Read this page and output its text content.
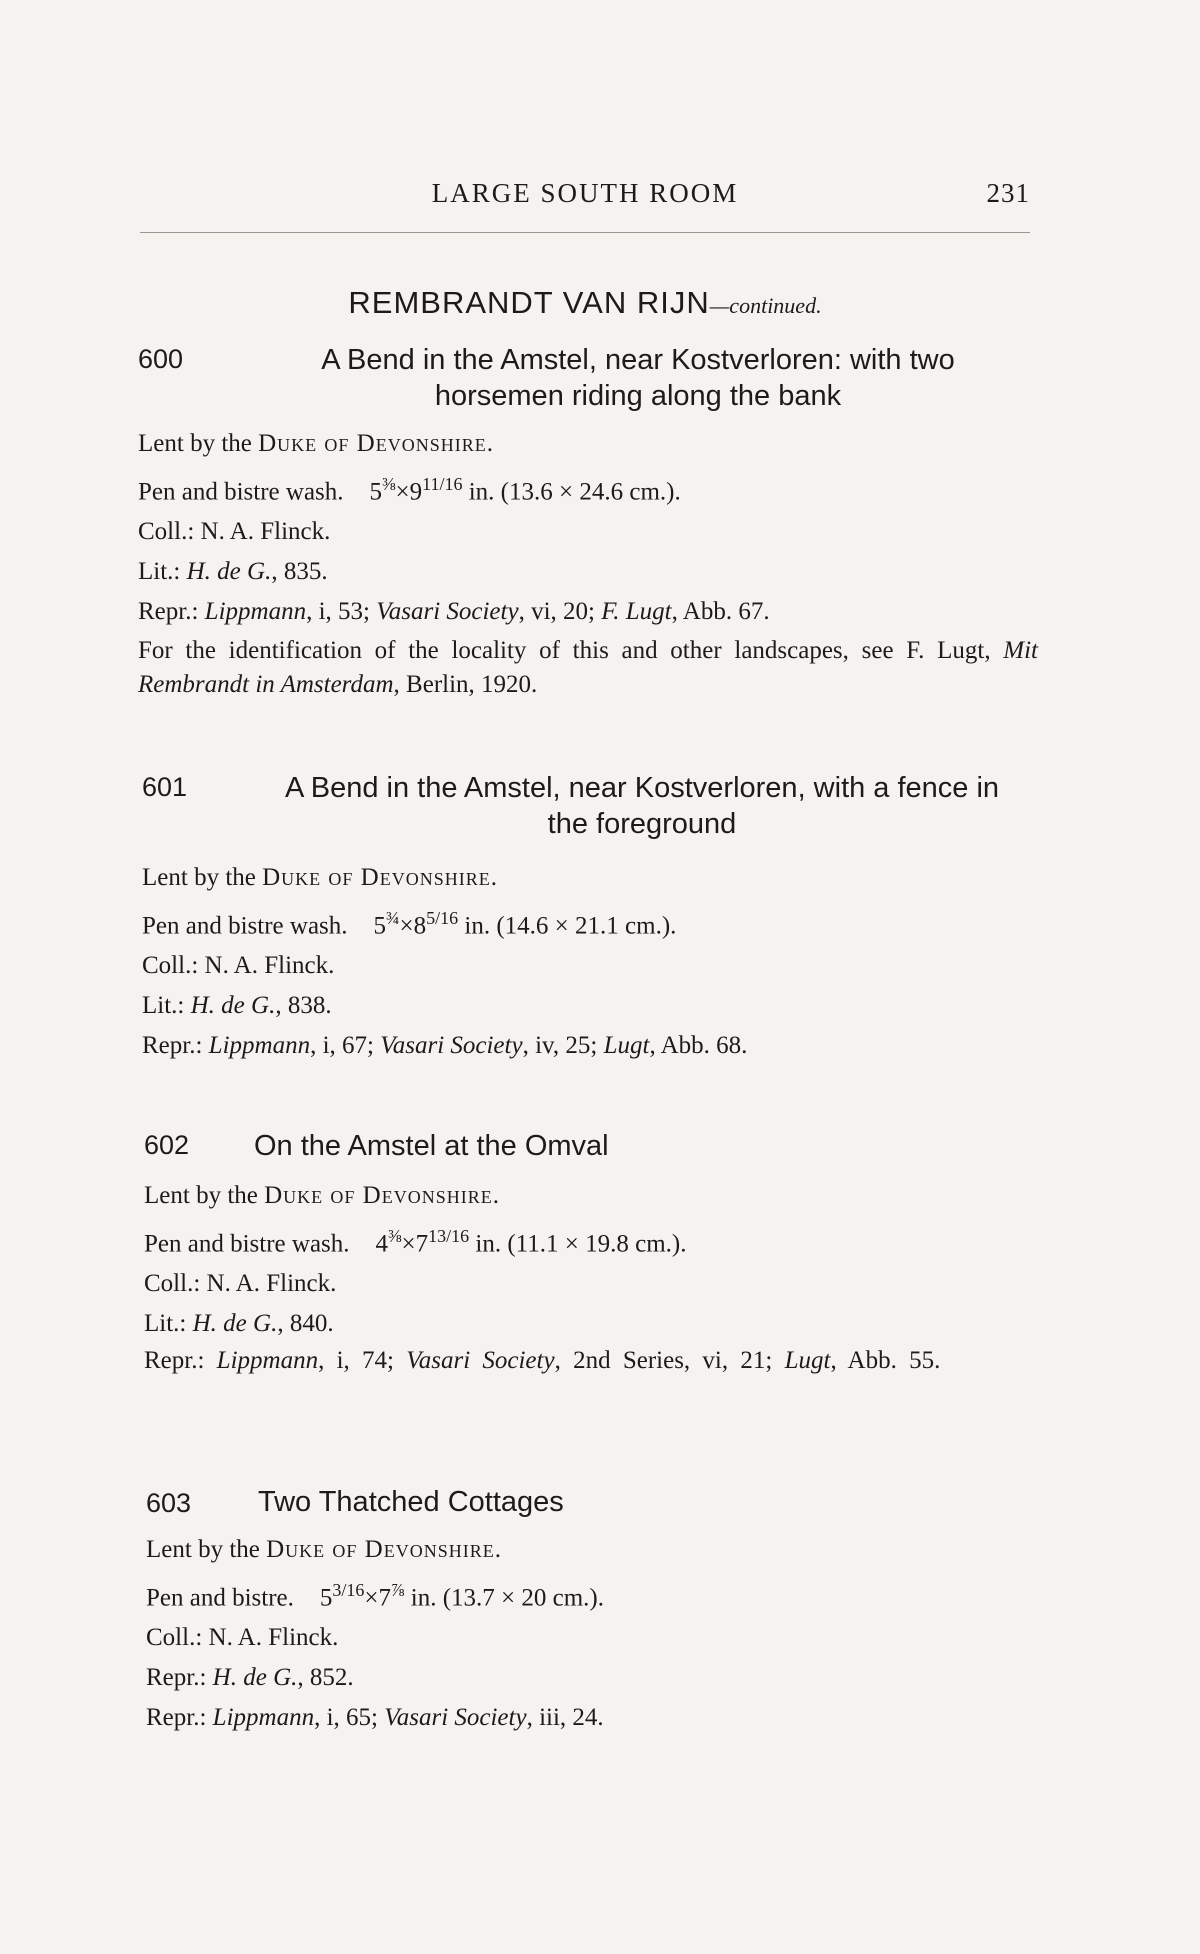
LARGE SOUTH ROOM	231
REMBRANDT VAN RIJN—continued.
600	A Bend in the Amstel, near Kostverloren: with two horsemen riding along the bank
Lent by the Duke of Devonshire.
Pen and bistre wash. $5^{\frac{3}{8}}\times 9^{11/16}$ in. (13.6 × 24.6 cm.).
Coll.: N. A. Flinck.
Lit.: H. de G., 835.
Repr.: Lippmann, i, 53; Vasari Society, vi, 20; F. Lugt, Abb. 67.
For the identification of the locality of this and other landscapes, see F. Lugt, Mit Rembrandt in Amsterdam, Berlin, 1920.
601	A Bend in the Amstel, near Kostverloren, with a fence in the foreground
Lent by the Duke of Devonshire.
Pen and bistre wash. $5^{\frac{3}{4}}\times 8^{5/16}$ in. (14.6 × 21.1 cm.).
Coll.: N. A. Flinck.
Lit.: H. de G., 838.
Repr.: Lippmann, i, 67; Vasari Society, iv, 25; Lugt, Abb. 68.
602 On the Amstel at the Omval
Lent by the Duke of Devonshire.
Pen and bistre wash. $4^{\frac{3}{8}}\times 7^{13/16}$ in. (11.1 × 19.8 cm.).
Coll.: N. A. Flinck.
Lit.: H. de G., 840.
Repr.: Lippmann, i, 74; Vasari Society, 2nd Series, vi, 21; Lugt, Abb. 55.
603 Two Thatched Cottages
Lent by the Duke of Devonshire.
Pen and bistre. $5^{3/16}\times 7^{\frac{7}{8}}$ in. (13.7 × 20 cm.).
Coll.: N. A. Flinck.
Repr.: H. de G., 852.
Repr.: Lippmann, i, 65; Vasari Society, iii, 24.
